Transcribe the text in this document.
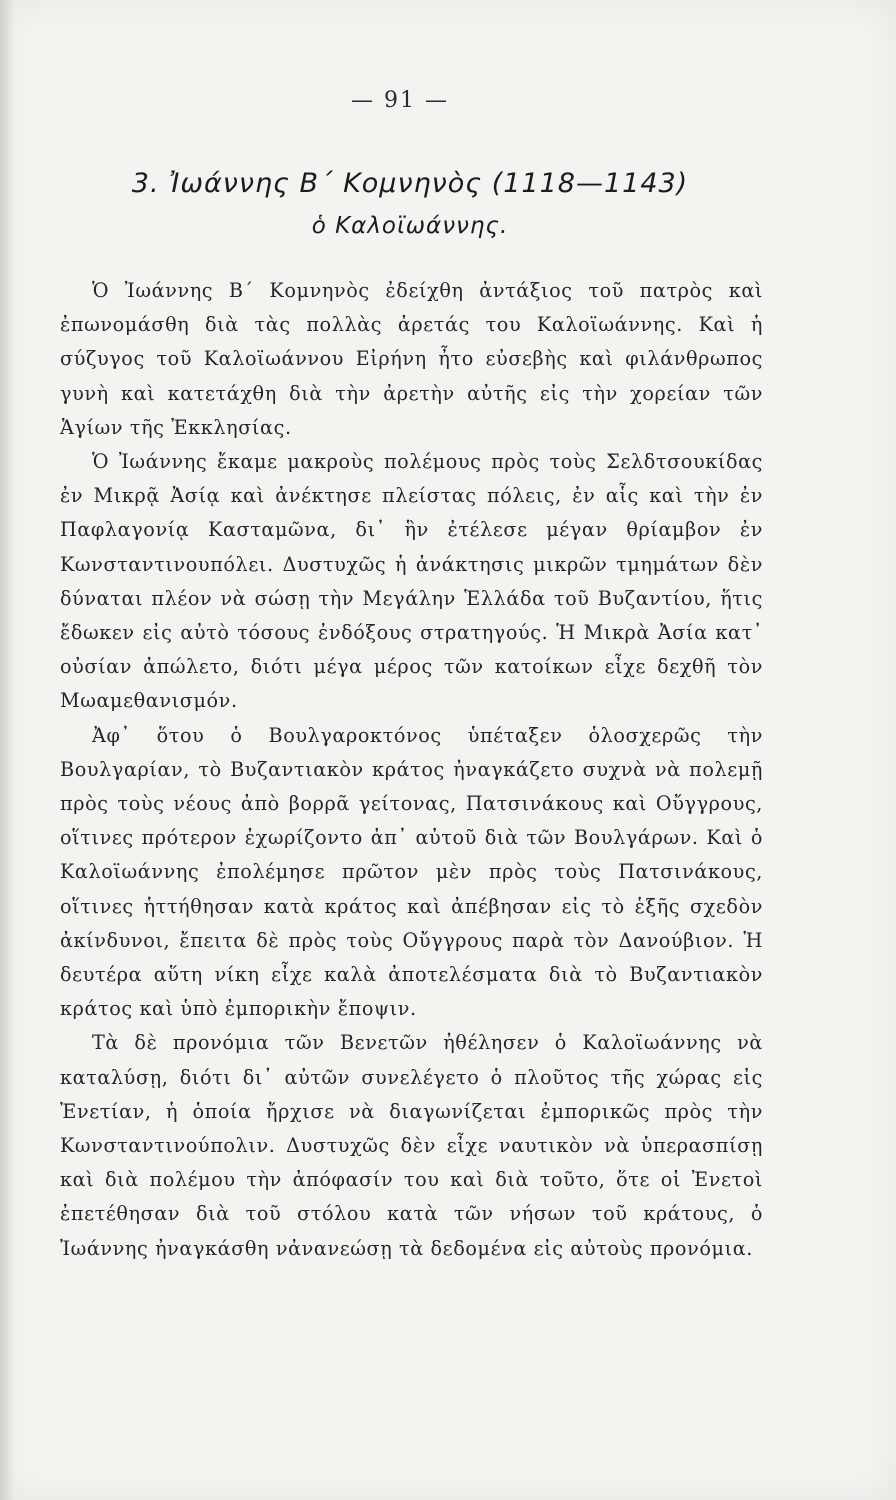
— 91 —
3. Ἰωάννης Β΄ Κομνηνὸς (1118—1143)
ὁ Καλοϊωάννης.

Ὁ Ἰωάννης Β΄ Κομνηνὸς ἐδείχθη ἀντάξιος τοῦ πατρὸς καὶ ἐπωνομάσθη διὰ τὰς πολλὰς ἀρετάς του Καλοϊωάννης. Καὶ ἡ σύζυγος τοῦ Καλοϊωάννου Εἰρήνη ἦτο εὐσεβὴς καὶ φιλάνθρωπος γυνὴ καὶ κατετάχθη διὰ τὴν ἀρετὴν αὐτῆς εἰς τὴν χορείαν τῶν Ἁγίων τῆς Ἐκκλησίας.

Ὁ Ἰωάννης ἔκαμε μακροὺς πολέμους πρὸς τοὺς Σελδτσουκίδας ἐν Μικρᾷ Ἀσίᾳ καὶ ἀνέκτησε πλείστας πόλεις, ἐν αἷς καὶ τὴν ἐν Παφλαγονίᾳ Κασταμῶνα, δι᾽ ἣν ἐτέλεσε μέγαν θρίαμβον ἐν Κωνσταντινουπόλει. Δυστυχῶς ἡ ἀνάκτησις μικρῶν τμημάτων δὲν δύναται πλέον νὰ σώσῃ τὴν Μεγάλην Ἑλλάδα τοῦ Βυζαντίου, ἥτις ἔδωκεν εἰς αὐτὸ τόσους ἐνδόξους στρατηγούς. Ἡ Μικρὰ Ἀσία κατ᾽ οὐσίαν ἀπώλετο, διότι μέγα μέρος τῶν κατοίκων εἶχε δεχθῆ τὸν Μωαμεθανισμόν.

Ἀφ᾽ ὅτου ὁ Βουλγαροκτόνος ὑπέταξεν ὁλοσχερῶς τὴν Βουλγαρίαν, τὸ Βυζαντιακὸν κράτος ἠναγκάζετο συχνὰ νὰ πολεμῇ πρὸς τοὺς νέους ἀπὸ βορρᾶ γείτονας, Πατσινάκους καὶ Οὔγγρους, οἵτινες πρότερον ἐχωρίζοντο ἀπ᾽ αὐτοῦ διὰ τῶν Βουλγάρων. Καὶ ὁ Καλοϊωάννης ἐπολέμησε πρῶτον μὲν πρὸς τοὺς Πατσινάκους, οἵτινες ἡττήθησαν κατὰ κράτος καὶ ἀπέβησαν εἰς τὸ ἑξῆς σχεδὸν ἀκίνδυνοι, ἔπειτα δὲ πρὸς τοὺς Οὔγγρους παρὰ τὸν Δανούβιον. Ἡ δευτέρα αὕτη νίκη εἶχε καλὰ ἀποτελέσματα διὰ τὸ Βυζαντιακὸν κράτος καὶ ὑπὸ ἐμπορικὴν ἔποψιν.

Τὰ δὲ προνόμια τῶν Βενετῶν ἠθέλησεν ὁ Καλοϊωάννης νὰ καταλύσῃ, διότι δι᾽ αὐτῶν συνελέγετο ὁ πλοῦτος τῆς χώρας εἰς Ἐνετίαν, ἡ ὁποία ἤρχισε νὰ διαγωνίζεται ἐμπορικῶς πρὸς τὴν Κωνσταντινούπολιν. Δυστυχῶς δὲν εἶχε ναυτικὸν νὰ ὑπερασπίσῃ καὶ διὰ πολέμου τὴν ἀπόφασίν του καὶ διὰ τοῦτο, ὅτε οἱ Ἐνετοὶ ἐπετέθησαν διὰ τοῦ στόλου κατὰ τῶν νήσων τοῦ κράτους, ὁ Ἰωάννης ἠναγκάσθη νἀνανεώσῃ τὰ δεδομένα εἰς αὐτοὺς προνόμια.
